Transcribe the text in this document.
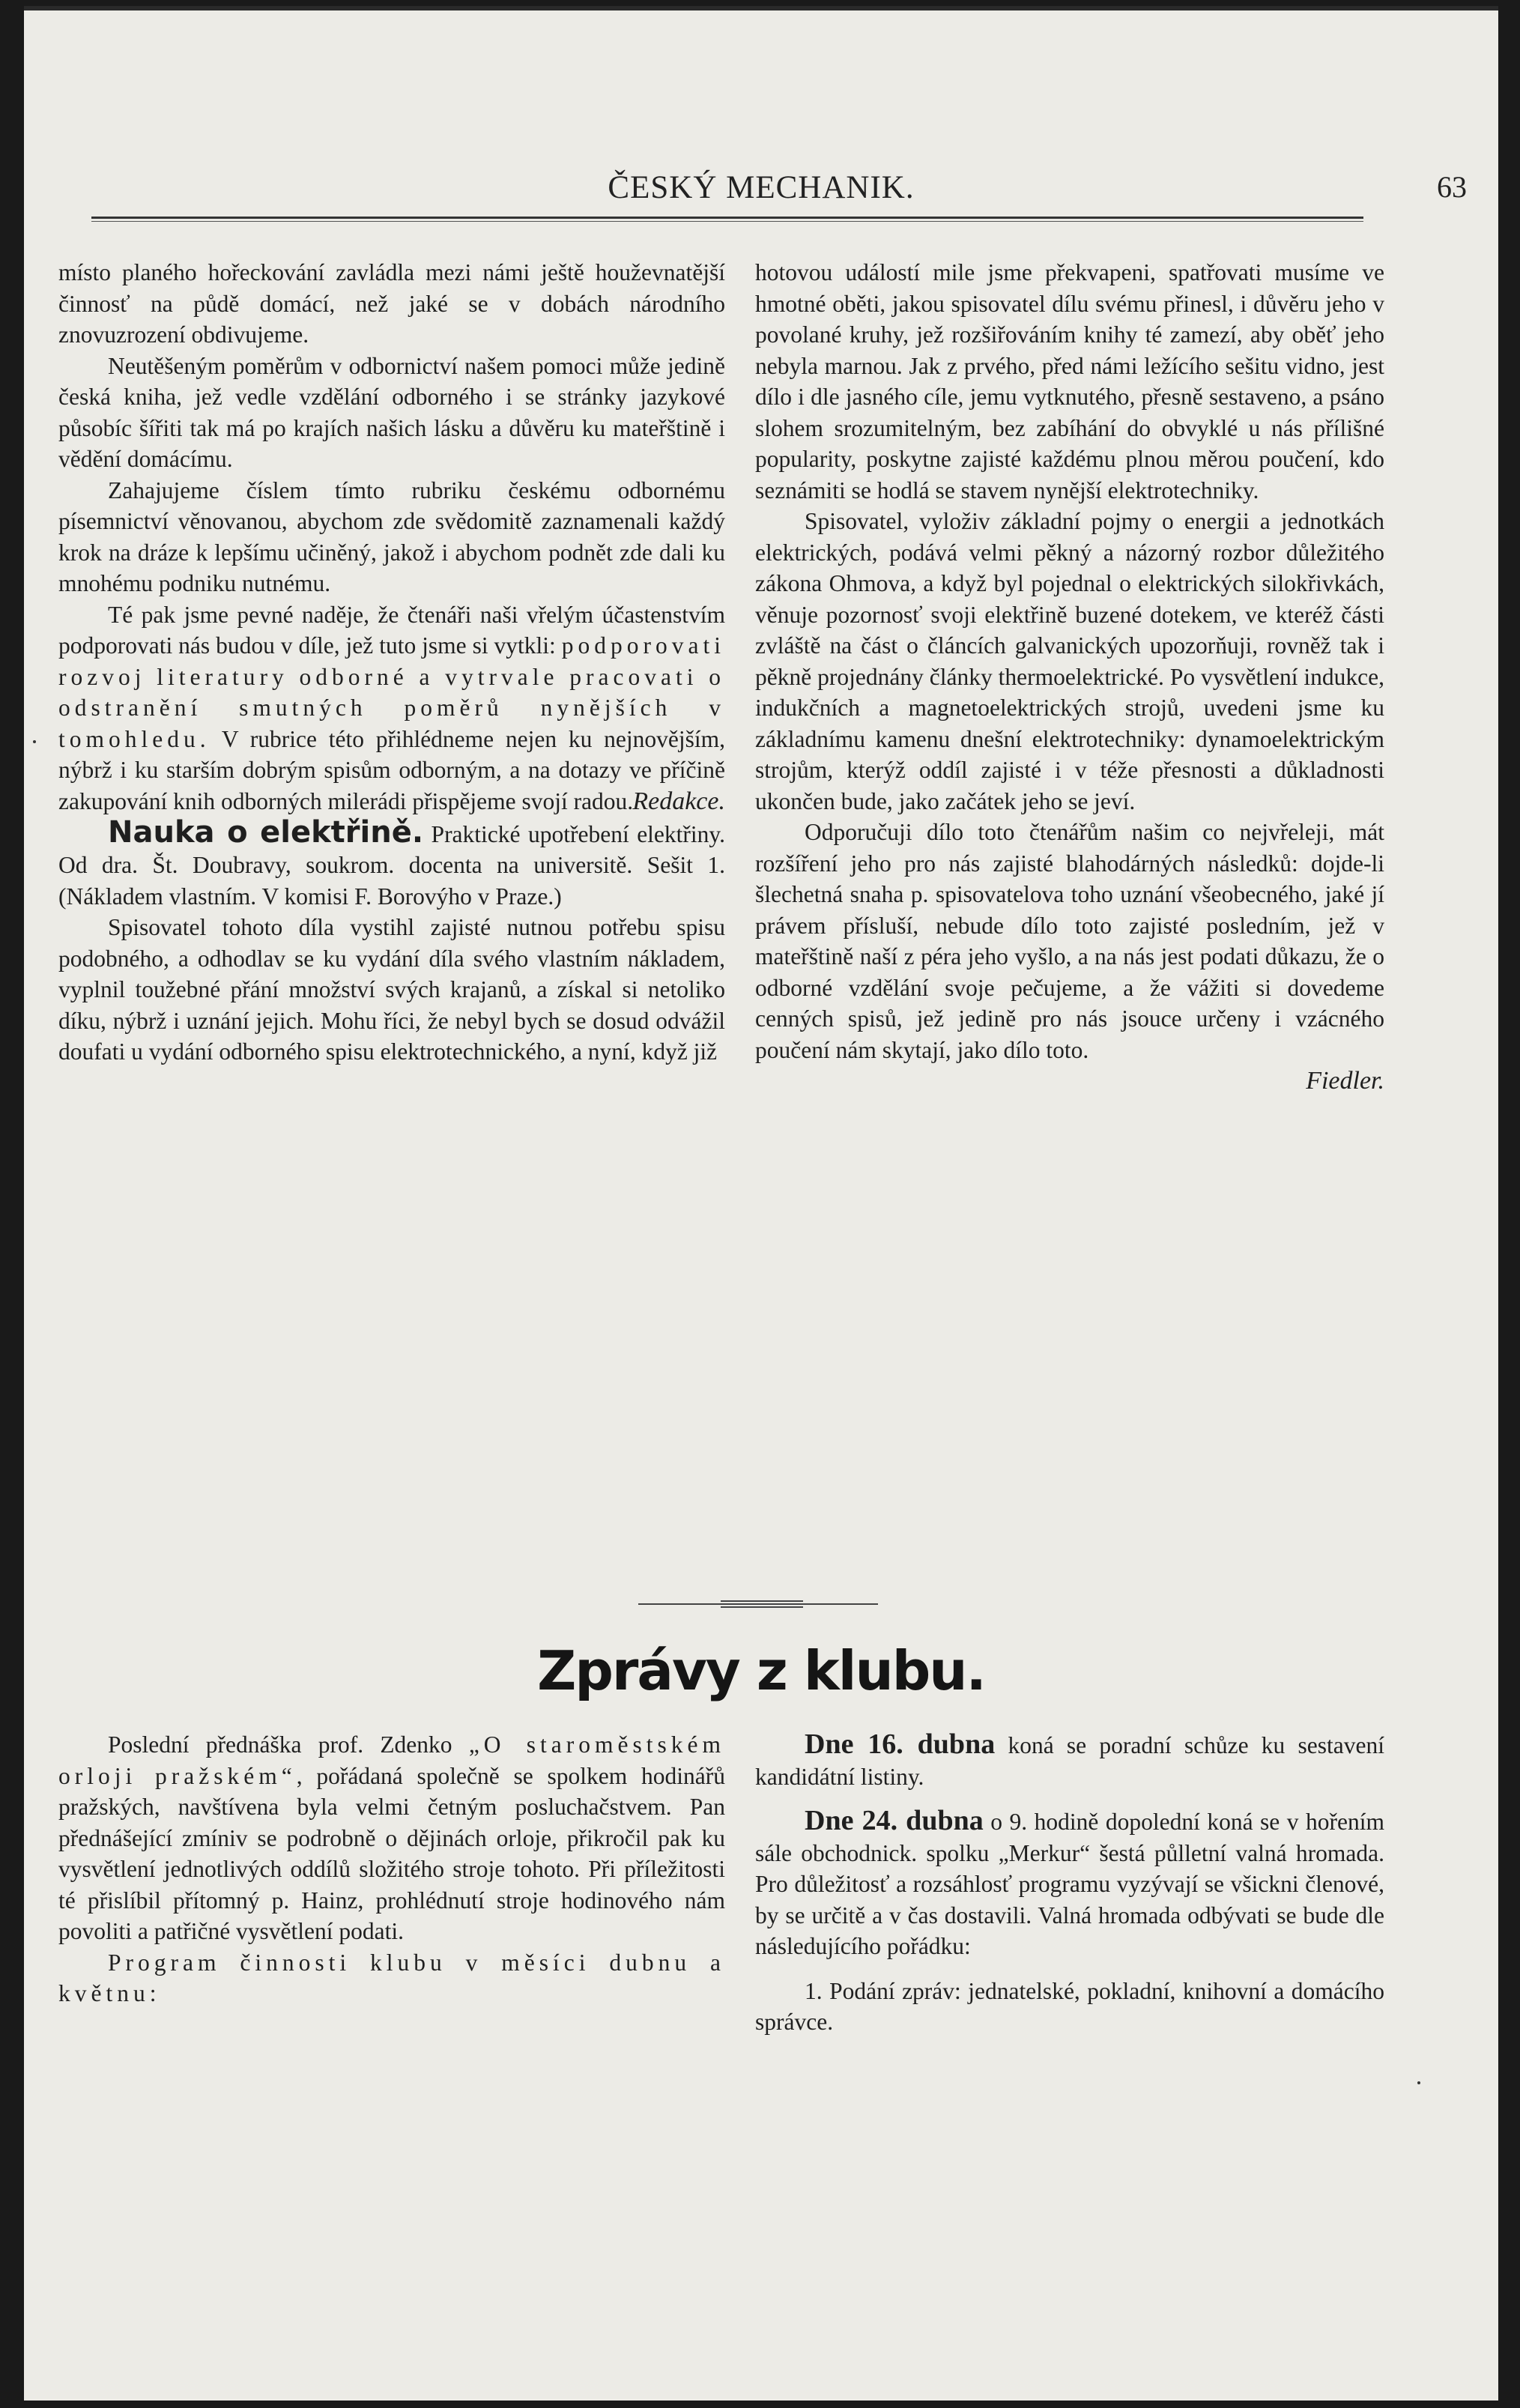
ČESKÝ MECHANIK.	63

místo planého hořeckování zavládla mezi námi ještě houževnatější činnosť na půdě domácí, než jaké se v dobách národního znovuzrození obdivujeme.

Neutěšeným poměrům v odbornictví našem pomoci může jedině česká kniha, jež vedle vzdělání odborného i se stránky jazykové působíc šířiti tak má po krajích našich lásku a důvěru ku mateřštině i vědění domácímu.

Zahajujeme číslem tímto rubriku českému odbornému písemnictví věnovanou, abychom zde svědomitě zaznamenali každý krok na dráze k lepšímu učiněný, jakož i abychom podnět zde dali ku mnohému podniku nutnému.

Té pak jsme pevné naděje, že čtenáři naši vřelým účastenstvím podporovati nás budou v díle, jež tuto jsme si vytkli: podporovati rozvoj literatury odborné a vytrvale pracovati o odstranění smutných poměrů nynějších v tomohledu. V rubrice této přihlédneme nejen ku nejnovějším, nýbrž i ku starším dobrým spisům odborným, a na dotazy ve příčině zakupování knih odborných milerádi přispějeme svojí radou. Redakce.

Nauka o elektřině. Praktické upotřebení elektřiny. Od dra. Št. Doubravy, soukrom. docenta na universitě. Sešit 1. (Nákladem vlastním. V komisi F. Borovýho v Praze.)

Spisovatel tohoto díla vystihl zajisté nutnou potřebu spisu podobného, a odhodlav se ku vydání díla svého vlastním nákladem, vyplnil toužebné přání množství svých krajanů, a získal si netoliko díku, nýbrž i uznání jejich. Mohu říci, že nebyl bych se dosud odvážil doufati u vydání odborného spisu elektrotechnického, a nyní, když již

hotovou událostí mile jsme překvapeni, spatřovati musíme ve hmotné oběti, jakou spisovatel dílu svému přinesl, i důvěru jeho v povolané kruhy, jež rozšiřováním knihy té zamezí, aby oběť jeho nebyla marnou. Jak z prvého, před námi ležícího sešitu vidno, jest dílo i dle jasného cíle, jemu vytknutého, přesně sestaveno, a psáno slohem srozumitelným, bez zabíhání do obvyklé u nás přílišné popularity, poskytne zajisté každému plnou měrou poučení, kdo seznámiti se hodlá se stavem nynější elektrotechniky.

Spisovatel, vyloživ základní pojmy o energii a jednotkách elektrických, podává velmi pěkný a názorný rozbor důležitého zákona Ohmova, a když byl pojednal o elektrických silokřivkách, věnuje pozornosť svoji elektřině buzené dotekem, ve kteréž části zvláště na část o článcích galvanických upozorňuji, rovněž tak i pěkně projednány články thermoelektrické. Po vysvětlení indukce, indukčních a magnetoelektrických strojů, uvedeni jsme ku základnímu kamenu dnešní elektrotechniky: dynamoelektrickým strojům, kterýž oddíl zajisté i v téže přesnosti a důkladnosti ukončen bude, jako začátek jeho se jeví.

Odporučuji dílo toto čtenářům našim co nejvřeleji, mát rozšíření jeho pro nás zajisté blahodárných následků: dojde-li šlechetná snaha p. spisovatelova toho uznání všeobecného, jaké jí právem přísluší, nebude dílo toto zajisté posledním, jež v mateřštině naší z péra jeho vyšlo, a na nás jest podati důkazu, že o odborné vzdělání svoje pečujeme, a že vážiti si dovedeme cenných spisů, jež jedině pro nás jsouce určeny i vzácného poučení nám skytají, jako dílo toto.

Fiedler.

Zprávy z klubu.

Poslední přednáška prof. Zdenko „O staroměstském orloji pražském“, pořádaná společně se spolkem hodinářů pražských, navštívena byla velmi četným posluchačstvem. Pan přednášející zmíniv se podrobně o dějinách orloje, přikročil pak ku vysvětlení jednotlivých oddílů složitého stroje tohoto. Při příležitosti té přislíbil přítomný p. Hainz, prohlédnutí stroje hodinového nám povoliti a patřičné vysvětlení podati.

Program činnosti klubu v měsíci dubnu a květnu:

Dne 16. dubna koná se poradní schůze ku sestavení kandidátní listiny.

Dne 24. dubna o 9. hodině dopolední koná se v hořením sále obchodnick. spolku „Merkur“ šestá půlletní valná hromada. Pro důležitosť a rozsáhlosť programu vyzývají se všickni členové, by se určitě a v čas dostavili. Valná hromada odbývati se bude dle následujícího pořádku:

1. Podání zpráv: jednatelské, pokladní, knihovní a domácího správce.
